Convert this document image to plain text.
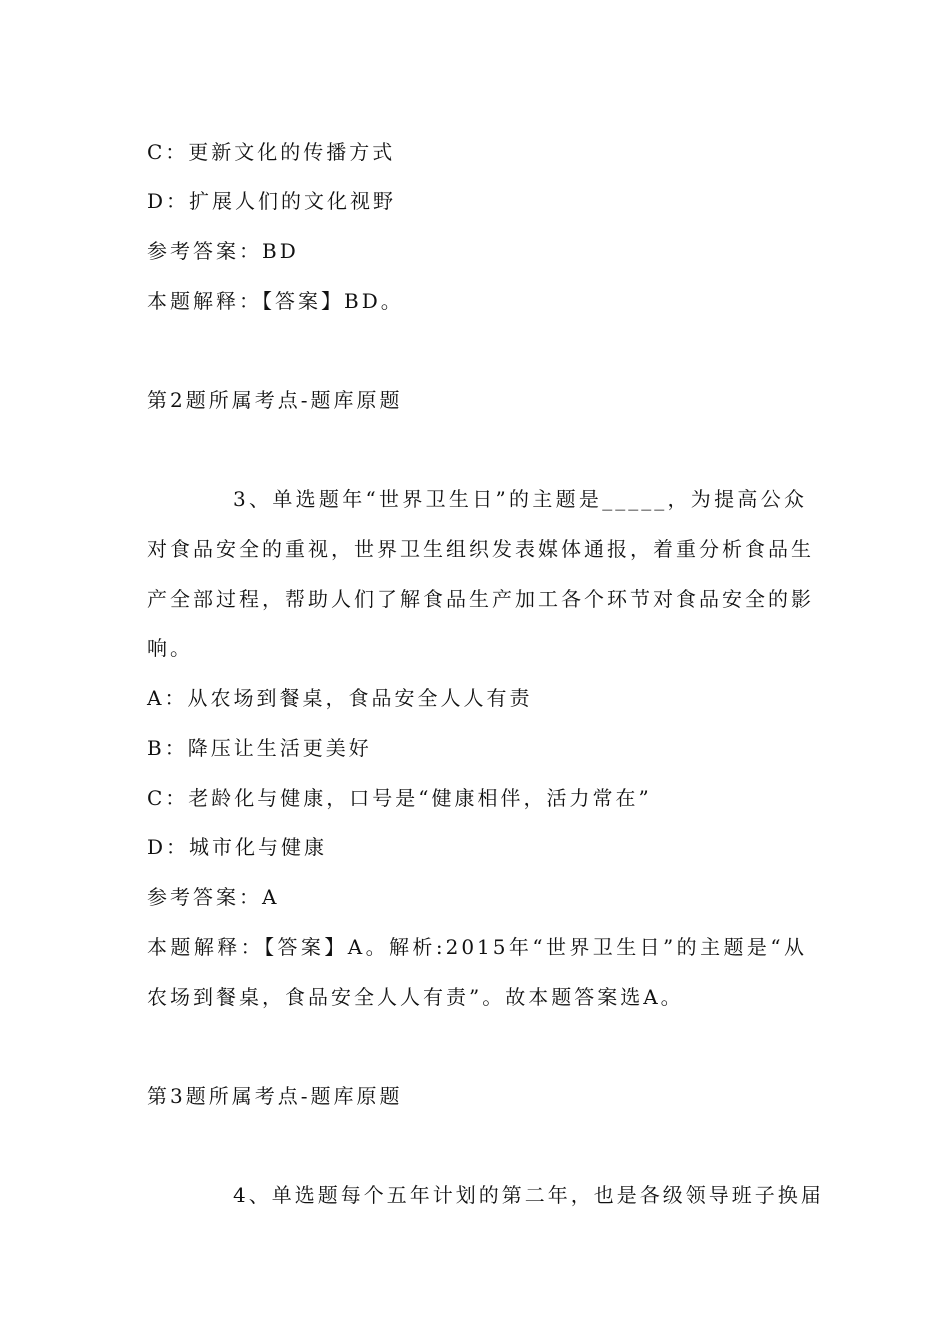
C：更新文化的传播方式
D：扩展人们的文化视野
参考答案：BD
本题解释：【答案】BD。
第2题所属考点-题库原题
3、单选题年“世界卫生日”的主题是_____，为提高公众
对食品安全的重视，世界卫生组织发表媒体通报，着重分析食品生
产全部过程，帮助人们了解食品生产加工各个环节对食品安全的影
响。
A：从农场到餐桌，食品安全人人有责
B：降压让生活更美好
C：老龄化与健康，口号是“健康相伴，活力常在”
D：城市化与健康
参考答案：A
本题解释：【答案】A。解析:2015年“世界卫生日”的主题是“从
农场到餐桌，食品安全人人有责”。故本题答案选A。
第3题所属考点-题库原题
4、单选题每个五年计划的第二年，也是各级领导班子换届
